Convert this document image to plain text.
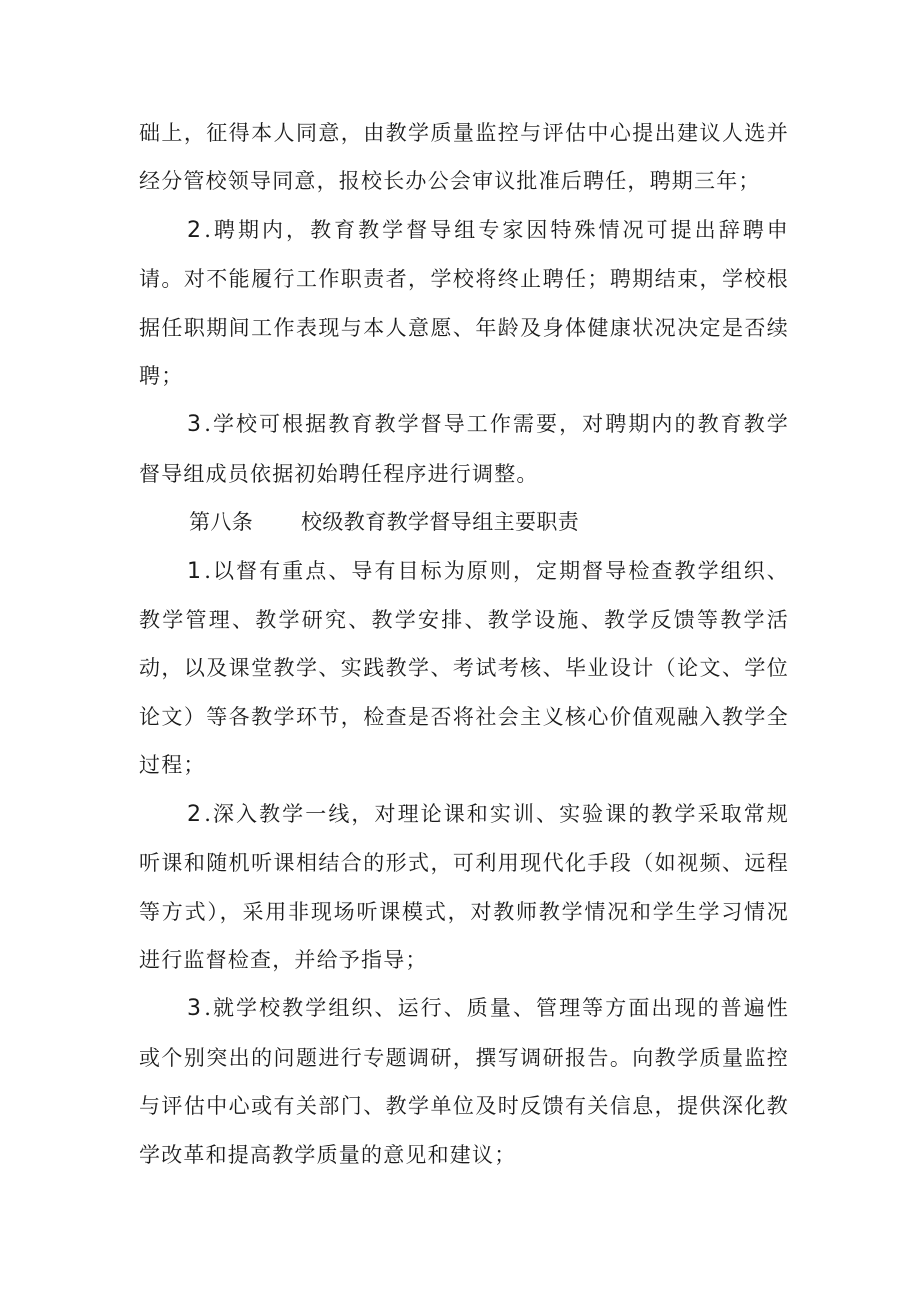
础上，征得本人同意，由教学质量监控与评估中心提出建议人选并经分管校领导同意，报校长办公会审议批准后聘任，聘期三年；

2.聘期内，教育教学督导组专家因特殊情况可提出辞聘申请。对不能履行工作职责者，学校将终止聘任；聘期结束，学校根据任职期间工作表现与本人意愿、年龄及身体健康状况决定是否续聘；

3.学校可根据教育教学督导工作需要，对聘期内的教育教学督导组成员依据初始聘任程序进行调整。

第八条 校级教育教学督导组主要职责

1.以督有重点、导有目标为原则，定期督导检查教学组织、教学管理、教学研究、教学安排、教学设施、教学反馈等教学活动，以及课堂教学、实践教学、考试考核、毕业设计（论文、学位论文）等各教学环节，检查是否将社会主义核心价值观融入教学全过程；

2.深入教学一线，对理论课和实训、实验课的教学采取常规听课和随机听课相结合的形式，可利用现代化手段（如视频、远程等方式），采用非现场听课模式，对教师教学情况和学生学习情况进行监督检查，并给予指导；

3.就学校教学组织、运行、质量、管理等方面出现的普遍性或个别突出的问题进行专题调研，撰写调研报告。向教学质量监控与评估中心或有关部门、教学单位及时反馈有关信息，提供深化教学改革和提高教学质量的意见和建议；
